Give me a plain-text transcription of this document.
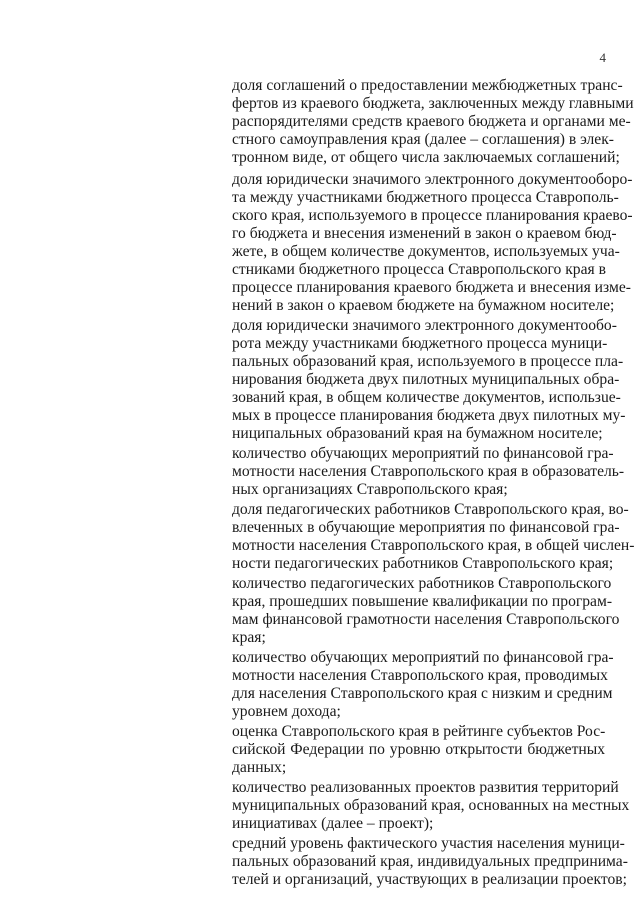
4
доля соглашений о предоставлении межбюджетных транс-
фертов из краевого бюджета, заключенных между главными
распорядителями средств краевого бюджета и органами ме-
стного самоуправления края (далее – соглашения) в элек-
тронном виде, от общего числа заключаемых соглашений;
доля юридически значимого электронного документооборо-
та между участниками бюджетного процесса Ставрополь-
ского края, используемого в процессе планирования краево-
го бюджета и внесения изменений в закон о краевом бюд-
жете, в общем количестве документов, используемых уча-
стниками бюджетного процесса Ставропольского края в
процессе планирования краевого бюджета и внесения изме-
нений в закон о краевом бюджете на бумажном носителе;
доля юридически значимого электронного документообо-
рота между участниками бюджетного процесса муници-
пальных образований края, используемого в процессе пла-
нирования бюджета двух пилотных муниципальных обра-
зований края, в общем количестве документов, использue-
мых в процессе планирования бюджета двух пилотных му-
ниципальных образований края на бумажном носителе;
количество обучающих мероприятий по финансовой гра-
мотности населения Ставропольского края в образователь-
ных организациях Ставропольского края;
доля педагогических работников Ставропольского края, во-
влеченных в обучающие мероприятия по финансовой гра-
мотности населения Ставропольского края, в общей числен-
ности педагогических работников Ставропольского края;
количество педагогических работников Ставропольского
края, прошедших повышение квалификации по програм-
мам финансовой грамотности населения Ставропольского
края;
количество обучающих мероприятий по финансовой гра-
мотности населения Ставропольского края, проводимых
для населения Ставропольского края с низким и средним
уровнем дохода;
оценка Ставропольского края в рейтинге субъектов Рос-
сийской Федерации по уровню открытости бюджетных
данных;
количество реализованных проектов развития территорий
муниципальных образований края, основанных на местных
инициативах (далее – проект);
средний уровень фактического участия населения муници-
пальных образований края, индивидуальных предпринима-
телей и организаций, участвующих в реализации проектов;
